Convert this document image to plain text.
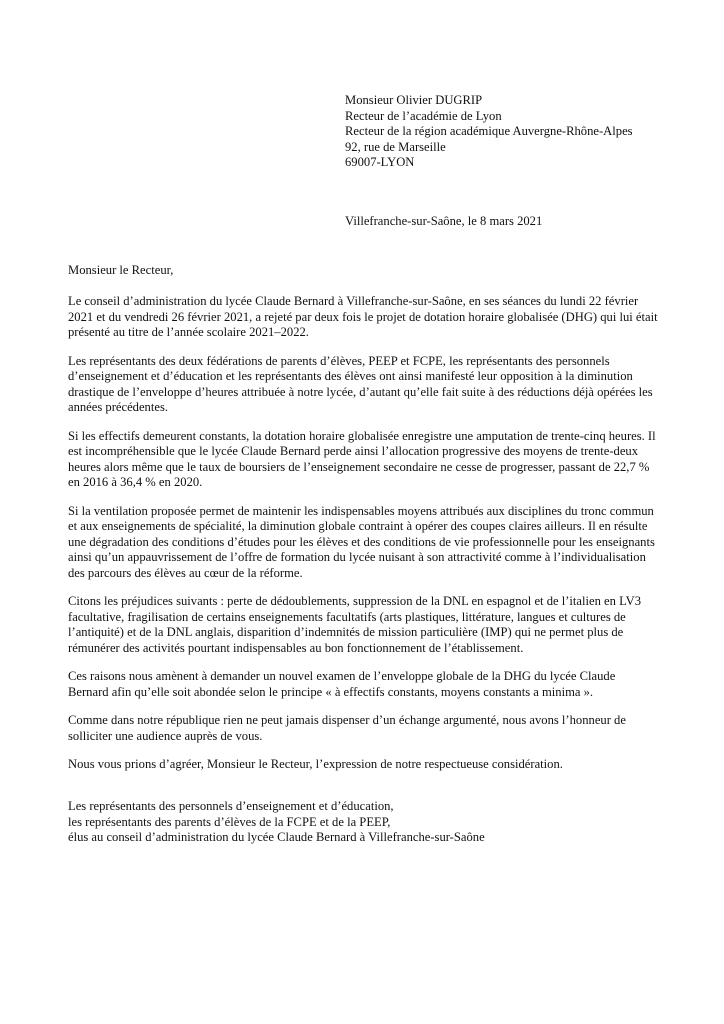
Monsieur Olivier DUGRIP
Recteur de l’académie de Lyon
Recteur de la région académique Auvergne-Rhône-Alpes
92, rue de Marseille
69007-LYON
Villefranche-sur-Saône, le 8 mars 2021
Monsieur le Recteur,

Le conseil d’administration du lycée Claude Bernard à Villefranche-sur-Saône, en ses séances du lundi 22 février 2021 et du vendredi 26 février 2021, a rejeté par deux fois le projet de dotation horaire globalisée (DHG) qui lui était présenté au titre de l’année scolaire 2021–2022.

Les représentants des deux fédérations de parents d’élèves, PEEP et FCPE, les représentants des personnels d’enseignement et d’éducation et les représentants des élèves ont ainsi manifesté leur opposition à la diminution drastique de l’enveloppe d’heures attribuée à notre lycée, d’autant qu’elle fait suite à des réductions déjà opérées les années précédentes.

Si les effectifs demeurent constants, la dotation horaire globalisée enregistre une amputation de trente-cinq heures. Il est incompréhensible que le lycée Claude Bernard perde ainsi l’allocation progressive des moyens de trente-deux heures alors même que le taux de boursiers de l’enseignement secondaire ne cesse de progresser, passant de 22,7 % en 2016 à 36,4 % en 2020.

Si la ventilation proposée permet de maintenir les indispensables moyens attribués aux disciplines du tronc commun et aux enseignements de spécialité, la diminution globale contraint à opérer des coupes claires ailleurs. Il en résulte une dégradation des conditions d’études pour les élèves et des conditions de vie professionnelle pour les enseignants ainsi qu’un appauvrissement de l’offre de formation du lycée nuisant à son attractivité comme à l’individualisation des parcours des élèves au cœur de la réforme.

Citons les préjudices suivants : perte de dédoublements, suppression de la DNL en espagnol et de l’italien en LV3 facultative, fragilisation de certains enseignements facultatifs (arts plastiques, littérature, langues et cultures de l’antiquité) et de la DNL anglais, disparition d’indemnités de mission particulière (IMP) qui ne permet plus de rémunérer des activités pourtant indispensables au bon fonctionnement de l’établissement.

Ces raisons nous amènent à demander un nouvel examen de l’enveloppe globale de la DHG du lycée Claude Bernard afin qu’elle soit abondée selon le principe « à effectifs constants, moyens constants a minima ».

Comme dans notre république rien ne peut jamais dispenser d’un échange argumenté, nous avons l’honneur de solliciter une audience auprès de vous.

Nous vous prions d’agréer, Monsieur le Recteur, l’expression de notre respectueuse considération.

Les représentants des personnels d’enseignement et d’éducation,
les représentants des parents d’élèves de la FCPE et de la PEEP,
élus au conseil d’administration du lycée Claude Bernard à Villefranche-sur-Saône
